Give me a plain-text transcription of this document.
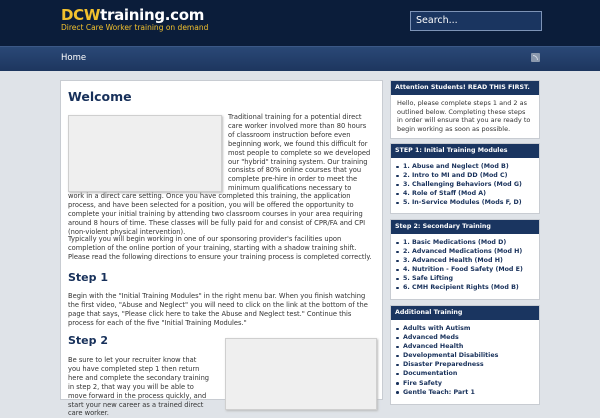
DCWtraining.com
Direct Care Worker training on demand
Search...
Home
Welcome

Traditional training for a potential direct care worker involved more than 80 hours of classroom instruction before even beginning work, we found this difficult for most people to complete so we developed our "hybrid" training system. Our training consists of 80% online courses that you complete pre-hire in order to meet the minimum qualifications necessary to

work in a direct care setting. Once you have completed this training, the application process, and have been selected for a position, you will be offered the opportunity to complete your initial training by attending two classroom courses in your area requiring around 8 hours of time. These classes will be fully paid for and consist of CPR/FA and CPI (non-violent physical intervention).

Typically you will begin working in one of our sponsoring provider's facilities upon completion of the online portion of your training, starting with a shadow training shift. Please read the following directions to ensure your training process is completed correctly.

Step 1

Begin with the "Initial Training Modules" in the right menu bar. When you finish watching the first video, "Abuse and Neglect" you will need to click on the link at the bottom of the page that says, "Please click here to take the Abuse and Neglect test." Continue this process for each of the five "Initial Training Modules."

Step 2

Be sure to let your recruiter know that you have completed step 1 then return here and complete the secondary training in step 2, that way you will be able to move forward in the process quickly, and start your new career as a trained direct care worker.

Attention Students! READ THIS FIRST.

Hello, please complete steps 1 and 2 as outlined below. Completing these steps in order will ensure that you are ready to begin working as soon as possible.

STEP 1: Initial Training Modules
1. Abuse and Neglect (Mod B)
2. Intro to MI and DD (Mod C)
3. Challenging Behaviors (Mod G)
4. Role of Staff (Mod A)
5. In-Service Modules (Mods F, D)
Step 2: Secondary Training
1. Basic Medications (Mod D)
2. Advanced Medications (Mod H)
3. Advanced Health (Mod H)
4. Nutrition - Food Safety (Mod E)
5. Safe Lifting
6. CMH Recipient Rights (Mod B)
Additional Training
Adults with Autism
Advanced Meds
Advanced Health
Developmental Disabilities
Disaster Preparedness
Documentation
Fire Safety
Gentle Teach: Part 1
